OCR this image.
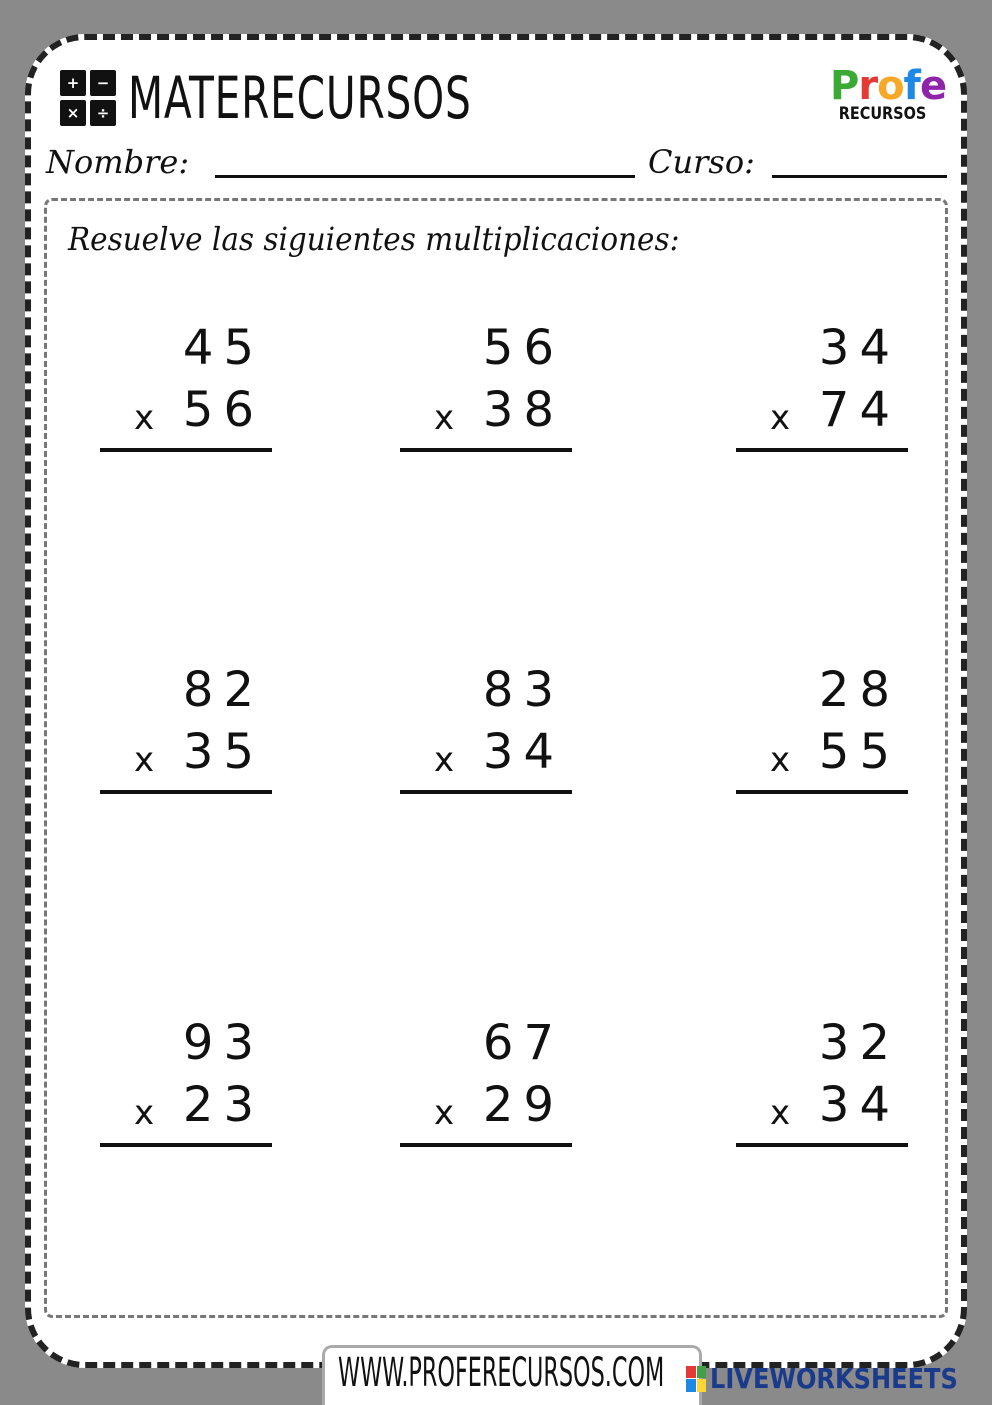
+	−
×	÷ MATERECURSOS	Profe
RECURSOS
Nombre:	Curso:
Resuelve las siguientes multiplicaciones:
45
x 56
56
x 38
34
x 74
82
x 35
83
x 34
28
x 55
93
x 23
67
x 29
32
x 34
WWW.PROFERECURSOS.COM LIVEWORKSHEETS
